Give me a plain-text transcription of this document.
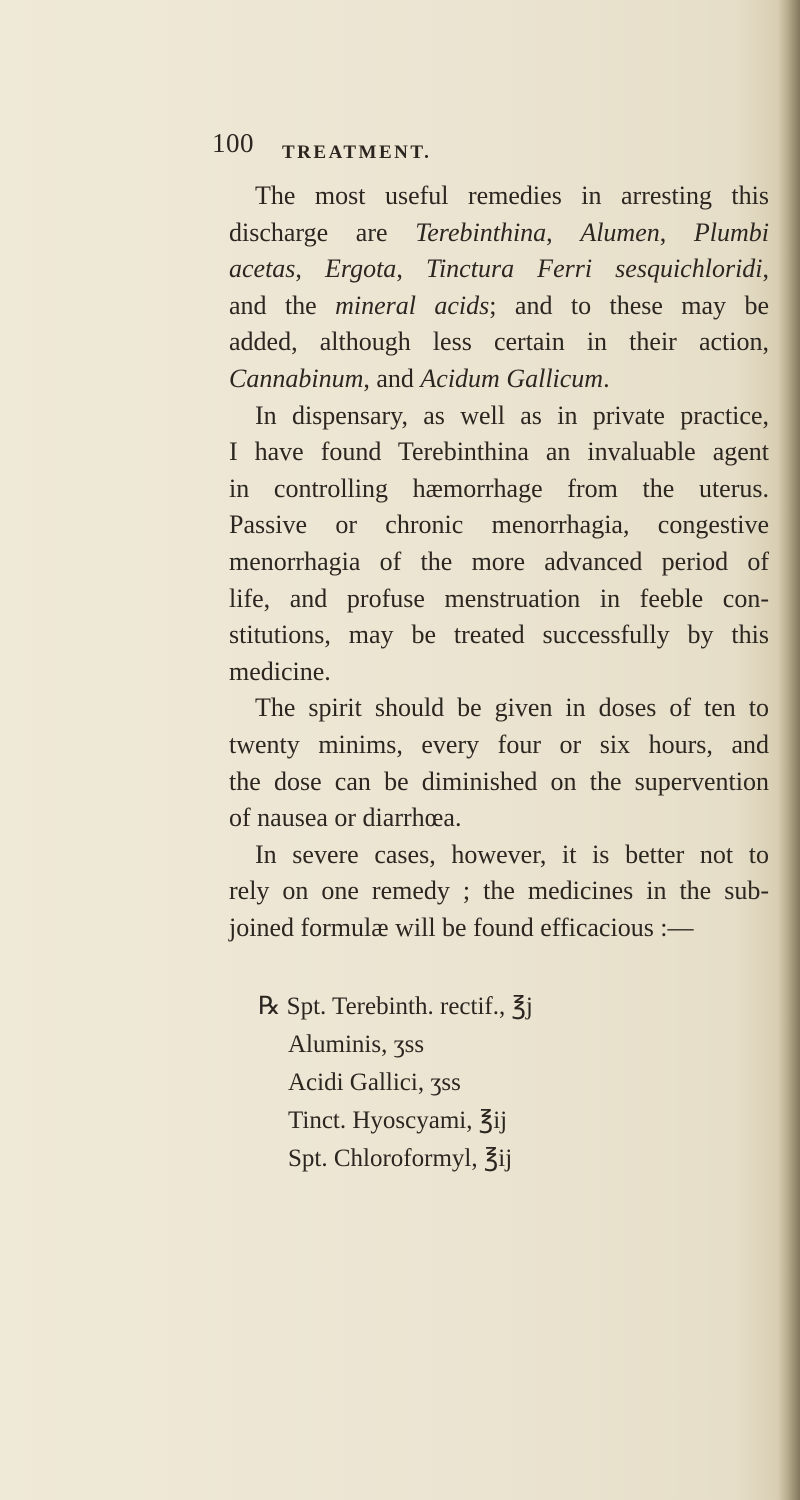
100 TREATMENT.
The most useful remedies in arresting this
discharge are Terebinthina, Alumen, Plumbi
acetas, Ergota, Tinctura Ferri sesquichloridi,
and the mineral acids; and to these may be
added, although less certain in their action,
Cannabinum, and Acidum Gallicum.
In dispensary, as well as in private practice,
I have found Terebinthina an invaluable agent
in controlling hæmorrhage from the uterus.
Passive or chronic menorrhagia, congestive
menorrhagia of the more advanced period of
life, and profuse menstruation in feeble con-
stitutions, may be treated successfully by this
medicine.
The spirit should be given in doses of ten to
twenty minims, every four or six hours, and
the dose can be diminished on the supervention
of nausea or diarrhœa.
In severe cases, however, it is better not to
rely on one remedy ; the medicines in the sub-
joined formulæ will be found efficacious :—
℞ Spt. Terebinth. rectif., ℥j
Aluminis, ʒss
Acidi Gallici, ʒss
Tinct. Hyoscyami, ℥ij
Spt. Chloroformyl, ℥ij
